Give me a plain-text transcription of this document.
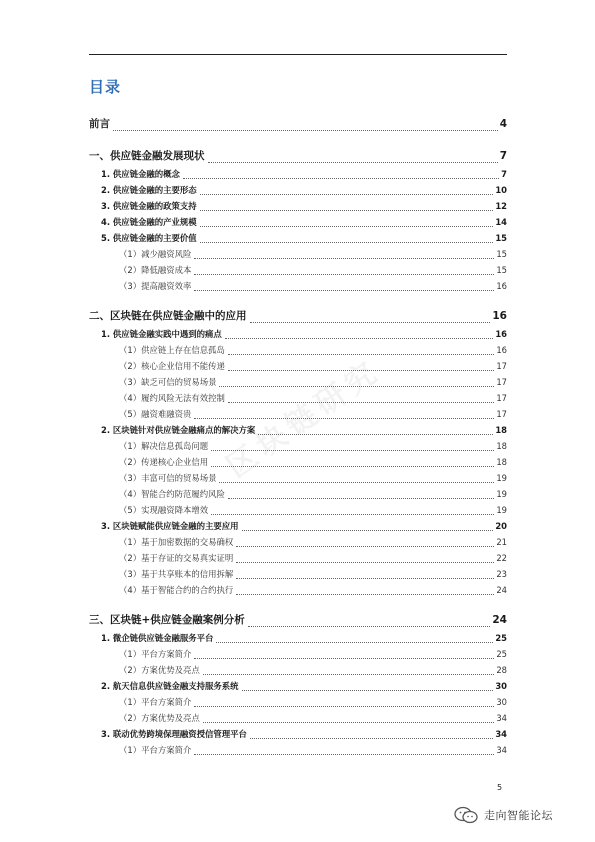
区块链研究
目录
前言	4
一、供应链金融发展现状	7
1. 供应链金融的概念	7
2. 供应链金融的主要形态	10
3. 供应链金融的政策支持	12
4. 供应链金融的产业规模	14
5. 供应链金融的主要价值	15
（1）减少融资风险	15
（2）降低融资成本	15
（3）提高融资效率	16
二、区块链在供应链金融中的应用	16
1. 供应链金融实践中遇到的痛点	16
（1）供应链上存在信息孤岛	16
（2）核心企业信用不能传递	17
（3）缺乏可信的贸易场景	17
（4）履约风险无法有效控制	17
（5）融资难融资贵	17
2. 区块链针对供应链金融痛点的解决方案	18
（1）解决信息孤岛问题	18
（2）传递核心企业信用	18
（3）丰富可信的贸易场景	19
（4）智能合约防范履约风险	19
（5）实现融资降本增效	19
3. 区块链赋能供应链金融的主要应用	20
（1）基于加密数据的交易确权	21
（2）基于存证的交易真实证明	22
（3）基于共享账本的信用拆解	23
（4）基于智能合约的合约执行	24
三、区块链+供应链金融案例分析	24
1. 微企链供应链金融服务平台	25
（1）平台方案简介	25
（2）方案优势及亮点	28
2. 航天信息供应链金融支持服务系统	30
（1）平台方案简介	30
（2）方案优势及亮点	34
3. 联动优势跨境保理融资授信管理平台	34
（1）平台方案简介	34
5
走向智能论坛
